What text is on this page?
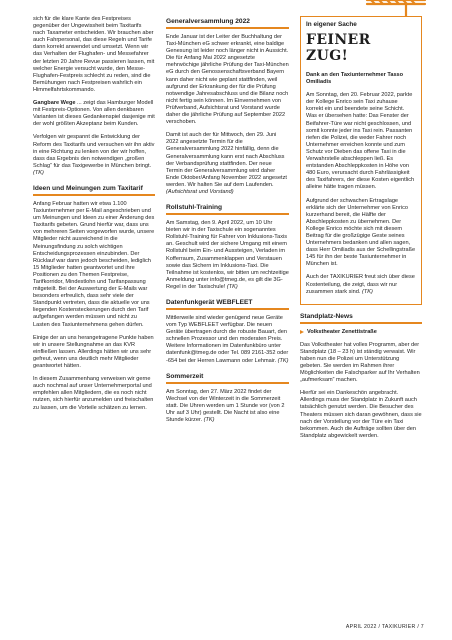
sich für die klare Kante des Festpreises gegenüber der Ungewissheit beim Taxitarifs nach Taxameter entscheiden. Wir brauchen aber auch Fahrpersonal, das diese Regeln und Tarife dann korrekt anwendet und umsetzt. Wenn wir das Verhalten der Flughafen- und Messefahrer der letzten 20 Jahre Revue passieren lassen, mit welcher Energie versucht wurde, den Messe-Flughafen-Festpreis schlecht zu reden, sind die Bemühungen nach Festpreisen wahrlich ein Himmelfahrtskommando.

Gangbare Wege ... zeigt das Hamburger Modell mit Festpreis-Optionen. Von allen denkbaren Varianten ist dieses Gedankenspiel dasjenige mit der wohl größten Akzeptanz beim Kunden.

Verfolgen wir gespannt die Entwicklung der Reform des Taxitarifs und versuchen wir ihn aktiv in eine Richtung zu lenken von der wir hoffen, dass das Ergebnis den notwendigen „großen Schlag“ für das Taxigewerbe in München bringt. (TK)

Ideen und Meinungen zum Taxitarif

Anfang Februar hatten wir etwa 1.100 Taxiunternehmer per E-Mail angeschrieben und um Meinungen und Ideen zu einer Änderung des Taxitarifs gebeten. Grund hierfür war, dass uns von mehreren Seiten vorgeworfen wurde, unsere Mitglieder nicht ausreichend in die Meinungsfindung zu solch wichtigen Entscheidungsprozessen einzubinden. Der Rücklauf war dann jedoch bescheiden, lediglich 15 Mitglieder hatten geantwortet und ihre Positionen zu den Themen Festpreise, Tarifkorridor, Mindestlohn und Tarifanpassung mitgeteilt. Bei der Auswertung der E-Mails war besonders erfreulich, dass sehr viele der Standpunkt vertreten, dass die aktuelle vor uns liegenden Kostensteckerungen durch den Tarif aufgefangen werden müssen und nicht zu Lasten des Taxiunternehmens gehen dürfen.

Einige der an uns herangetragene Punkte haben wir in unsere Stellungnahme an das KVR einfließen lassen. Allerdings hätten wir uns sehr gefreut, wenn uns deutlich mehr Mitglieder geantwortet hätten.

In diesem Zusammenhang verweisen wir gerne auch nochmal auf unser Unternehmerportal und empfehlen allen Mitgliedern, die es noch nicht nutzen, sich hierfür anzumelden und freischalten zu lassen, um die Vorteile schätzen zu lernen.

Generalversammlung 2022

Ende Januar ist der Leiter der Buchhaltung der Taxi-München eG schwer erkrankt, eine baldige Genesung ist leider noch länger nicht in Aussicht. Die für Anfang Mai 2022 angesetzte mehrwöchige jährliche Prüfung der Taxi-München eG durch den Genossenschaftsverband Bayern kann daher nicht wie geplant stattfinden, weil aufgrund der Erkrankung der für die Prüfung notwendige Jahresabschluss und die Bilanz noch nicht fertig sein können. Im Einvernehmen von Prüfverband, Aufsichtsrat und Vorstand wurde daher die jährliche Prüfung auf September 2022 verschoben.

Damit ist auch der für Mittwoch, den 29. Juni 2022 angesetzte Termin für die Generalversammlung 2022 hinfällig, denn die Generalversammlung kann erst nach Abschluss der Verbandsprüfung stattfinden. Der neue Termin der Generalversammlung wird daher Ende Oktober/Anfang November 2022 angesetzt werden. Wir halten Sie auf dem Laufenden. (Aufsichtsrat und Vorstand)

Rollstuhl-Training

Am Samstag, den 9. April 2022, um 10 Uhr bieten wir in der Taxischule ein sogenanntes Rollstuhl-Training für Fahrer von Inklusions-Taxis an. Geschult wird der sichere Umgang mit einem Rollstuhl beim Ein- und Aussteigen, Verladen im Kofferraum, Zusammenklappen und Verstauen sowie das Sichern im Inklusions-Taxi. Die Teilnahme ist kostenlos, wir bitten um rechtzeitige Anmeldung unter info@tmeg.de, es gilt die 3G-Regel in der Taxischule! (TK)

Datenfunkgerät WEBFLEET

Mittlerweile sind wieder genügend neue Geräte vom Typ WEBFLEET verfügbar. Die neuen Geräte übertragen durch die robuste Bauart, den schnellen Prozessor und den moderaten Preis. Weitere Informationen im Datenfunkbüro unter datenfunk@tmeg.de oder Tel. 089 2161-352 oder -654 bei der Herren Lawmann oder Lehmair. (TK)

Sommerzeit

Am Sonntag, den 27. März 2022 findet der Wechsel von der Winterzeit in die Sommerzeit statt. Die Uhren werden um 1 Stunde vor (von 2 Uhr auf 3 Uhr) gestellt. Die Nacht ist also eine Stunde kürzer. (TK)

In eigener Sache
FEINER ZUG!
Dank an den Taxiunternehmer Tasso Omiliadis

Am Sonntag, den 20. Februar 2022, parkte der Kollege Enrico sein Taxi zuhause korrekt ein und beendete seine Schicht. Was er übersehen hatte: Das Fenster der Beifahrer-Türe war nicht geschlossen, und somit konnte jeder ins Taxi rein. Passanten riefen die Polizei, die weder Fahrer noch Unternehmer erreichen konnte und zum Schutz vor Dieben das offene Taxi in die Verwahrstelle abschleppen ließ. Es entstanden Abschleppkosten in Höhe von 480 Euro, verursacht durch Fahrlässigkeit des Taxifahrers, der diese Kosten eigentlich alleine hätte tragen müssen.

Aufgrund der schwachen Ertragslage erklärte sich der Unternehmer von Enrico kurzerhand bereit, die Hälfte der Abschleppkosten zu übernehmen. Der Kollege Enrico möchte sich mit diesem Beitrag für die großzügige Geste seines Unternehmers bedanken und allen sagen, dass Herr Omiliadis aus der Schellingstraße 145 für ihn der beste Taxiunternehmer in München ist.

Auch der TAXIKURIER freut sich über diese Kostenteilung, die zeigt, dass wir nur zusammen stark sind. (TK)

Standplatz-News
Volkstheater Zenettistraße

Das Volkstheater hat volles Programm, aber der Standplatz (18 – 23 h) ist ständig verwaist. Wir haben nun die Polizei um Unterstützung gebeten. Sie werden im Rahmen ihrer Möglichkeiten die Falschparker auf Ihr Verhalten „aufmerksam“ machen.

Hierfür sei ein Dankeschön angebracht. Allerdings muss der Standplatz in Zukunft auch tatsächlich genutzt werden. Die Besucher des Theaters müssen sich daran gewöhnen, dass sie nach der Vorstellung vor der Türe ein Taxi bekommen. Auch die Aufträge sollten über den Standplatz abgewickelt werden.

APRIL 2022 / TAXIKURIER / 7
